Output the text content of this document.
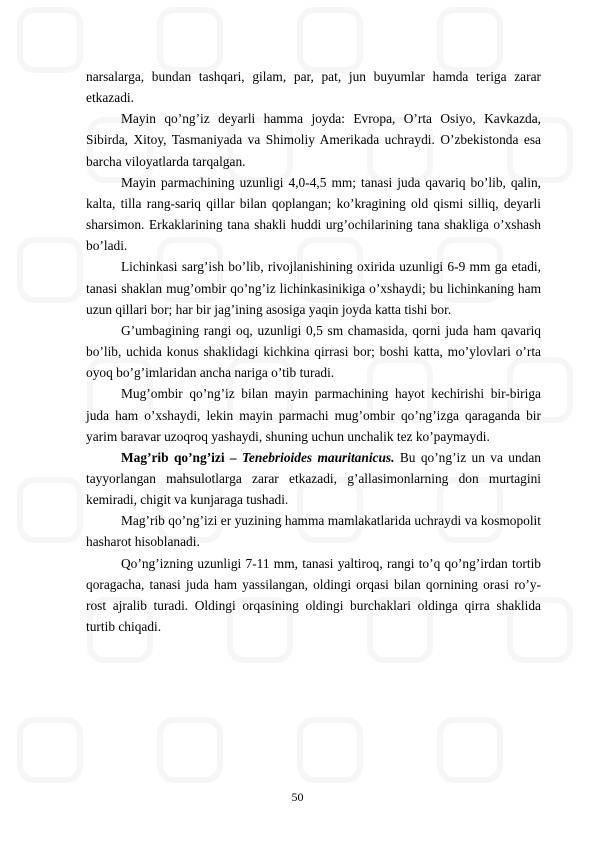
narsalarga, bundan tashqari, gilam, par, pat, jun buyumlar hamda teriga zarar etkazadi.

Mayin qo’ng’iz deyarli hamma joyda: Evropa, O’rta Osiyo, Kavkazda, Sibirda, Xitoy, Tasmaniyada va Shimoliy Amerikada uchraydi. O’zbekistonda esa barcha viloyatlarda tarqalgan.

Mayin parmachining uzunligi 4,0-4,5 mm; tanasi juda qavariq bo’lib, qalin, kalta, tilla rang-sariq qillar bilan qoplangan; ko’kragining old qismi silliq, deyarli sharsimon. Erkaklarining tana shakli huddi urg’ochilarining tana shakliga o’xshash bo’ladi.

Lichinkasi sarg’ish bo’lib, rivojlanishining oxirida uzunligi 6-9 mm ga etadi, tanasi shaklan mug’ombir qo’ng’iz lichinkasinikiga o’xshaydi; bu lichinkaning ham uzun qillari bor; har bir jag’ining asosiga yaqin joyda katta tishi bor.

G’umbagining rangi oq, uzunligi 0,5 sm chamasida, qorni juda ham qavariq bo’lib, uchida konus shaklidagi kichkina qirrasi bor; boshi katta, mo’ylovlari o’rta oyoq bo’g’imlaridan ancha nariga o’tib turadi.

Mug’ombir qo’ng’iz bilan mayin parmachining hayot kechirishi bir-biriga juda ham o’xshaydi, lekin mayin parmachi mug’ombir qo’ng’izga qaraganda bir yarim baravar uzoqroq yashaydi, shuning uchun unchalik tez ko’paymaydi.

Mag’rib qo’ng’izi – Tenebrioides mauritanicus. Bu qo’ng’iz un va undan tayyorlangan mahsulotlarga zarar etkazadi, g’allasimonlarning don murtagini kemiradi, chigit va kunjaraga tushadi.

Mag’rib qo’ng’izi er yuzining hamma mamlakatlarida uchraydi va kosmopolit hasharot hisoblanadi.

Qo’ng’izning uzunligi 7-11 mm, tanasi yaltiroq, rangi to’q qo’ng’irdan tortib qoragacha, tanasi juda ham yassilangan, oldingi orqasi bilan qornining orasi ro’y-rost ajralib turadi. Oldingi orqasining oldingi burchaklari oldinga qirra shaklida turtib chiqadi.

50
